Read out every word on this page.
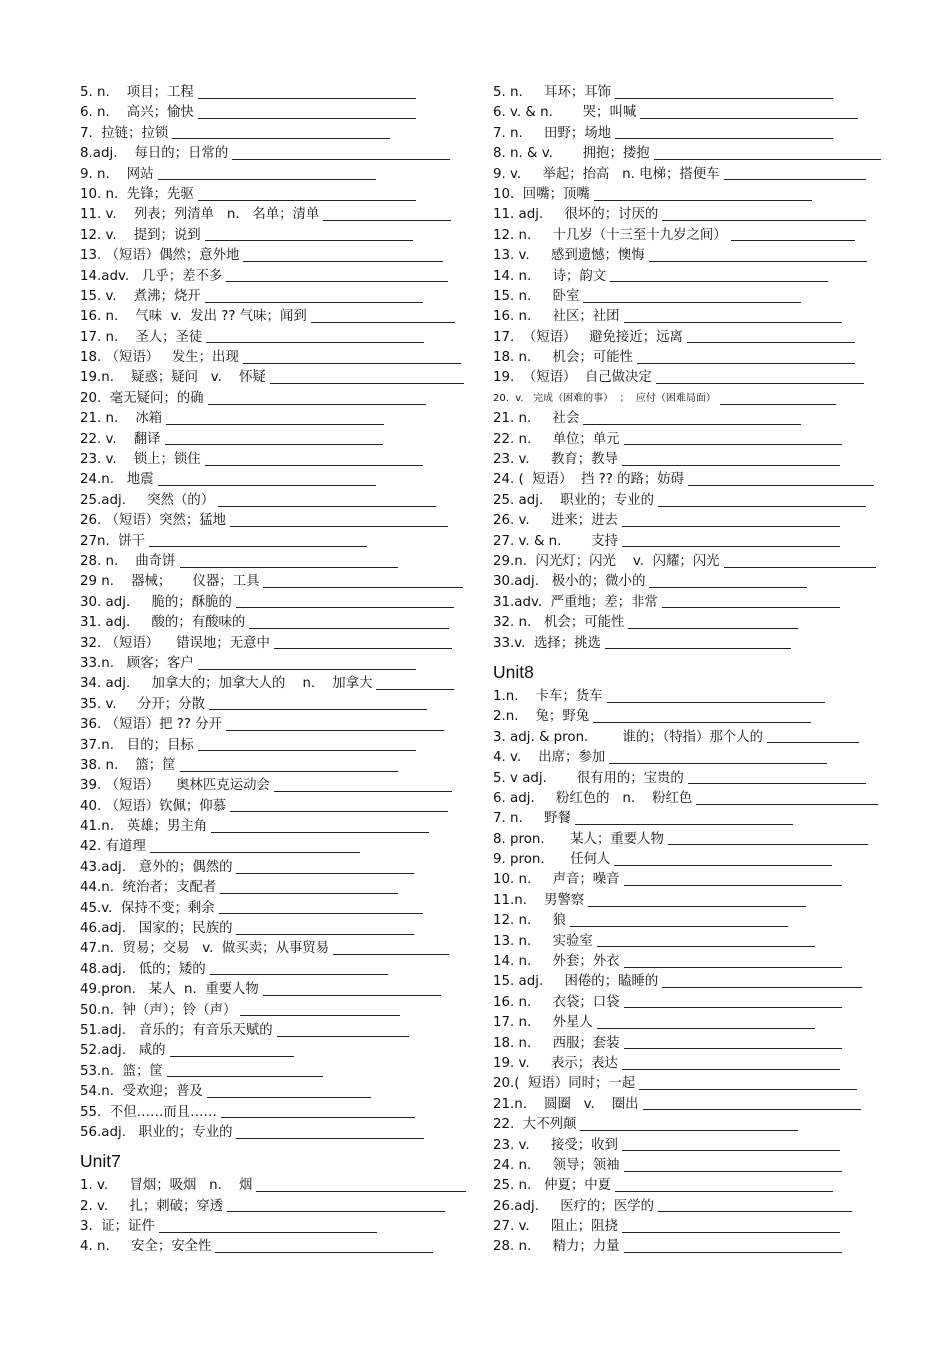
5. n.    项目；工程
6. n.    高兴；愉快
7.  拉链；拉锁
8.adj.    每日的；日常的
9. n.    网站
10. n.  先锋；先驱
11. v.    列表；列清单   n.   名单；清单
12. v.    提到；说到
13. （短语）偶然；意外地
14.adv.   几乎；差不多
15. v.    煮沸；烧开
16. n.    气味  v.  发出 ?? 气味；闻到
17. n.    圣人；圣徒
18. （短语）   发生；出现
19.n.    疑惑；疑问   v.    怀疑
20.  毫无疑问；的确
21. n.    冰箱
22. v.    翻译
23. v.    锁上；锁住
24.n.   地震
25.adj.     突然（的）
26. （短语）突然；猛地
27n.  饼干
28. n.    曲奇饼
29 n.    器械；     仪器；工具
30. adj.     脆的；酥脆的
31. adj.     酸的；有酸味的
32. （短语）    错误地；无意中
33.n.   顾客；客户
34. adj.     加拿大的；加拿大人的    n.    加拿大
35. v.     分开；分散
36. （短语）把 ?? 分开
37.n.   目的；目标
38. n.    篮；筐
39. （短语）    奥林匹克运动会
40. （短语）钦佩；仰慕
41.n.   英雄；男主角
42. 有道理
43.adj.   意外的；偶然的
44.n.  统治者；支配者
45.v.  保持不变；剩余
46.adj.   国家的；民族的
47.n.  贸易；交易   v.  做买卖；从事贸易
48.adj.   低的；矮的
49.pron.   某人  n.  重要人物
50.n.  钟（声）；铃（声）
51.adj.   音乐的；有音乐天赋的
52.adj.   咸的
53.n.  篮；筐
54.n.  受欢迎；普及
55.  不但……而且……
56.adj.   职业的；专业的
Unit7
1. v.     冒烟；吸烟   n.    烟
2. v.     扎；刺破；穿透
3.  证；证件
4. n.     安全；安全性
5. n.     耳环；耳饰
6. v. & n.       哭；叫喊
7. n.     田野；场地
8. n. & v.       拥抱；搂抱
9. v.     举起；抬高   n. 电梯；搭便车
10.  回嘴；顶嘴
11. adj.     很坏的；讨厌的
12. n.     十几岁（十三至十九岁之间）
13. v.     感到遗憾；懊悔
14. n.     诗；韵文
15. n.     卧室
16. n.     社区；社团
17.  （短语）   避免接近；远离
18. n.     机会；可能性
19.  （短语）  自己做决定
20.  v.   完成（困难的事）  ；  应付（困难局面）
21. n.     社会
22. n.     单位；单元
23. v.     教育；教导
24. (  短语）  挡 ?? 的路；妨碍
25. adj.    职业的；专业的
26. v.     进来；进去
27. v. & n.       支持
29.n.  闪光灯；闪光    v.  闪耀；闪光
30.adj.   极小的；微小的
31.adv.  严重地；差；非常
32. n.   机会；可能性
33.v.  选择；挑选
Unit8
1.n.    卡车；货车
2.n.    兔；野兔
3. adj. & pron.        谁的；（特指）那个人的
4. v.    出席；参加
5. v adj.       很有用的；宝贵的
6. adj.     粉红色的   n.    粉红色
7. n.     野餐
8. pron.      某人；重要人物
9. pron.      任何人
10. n.     声音；噪音
11.n.    男警察
12. n.     狼
13. n.     实验室
14. n.     外套；外衣
15. adj.     困倦的；瞌睡的
16. n.     衣袋；口袋
17. n.     外星人
18. n.     西服；套装
19. v.     表示；表达
20.(  短语）同时；一起
21.n.    圆圈   v.    圈出
22.  大不列颠
23. v.     接受；收到
24. n.     领导；领袖
25. n.   仲夏；中夏
26.adj.     医疗的；医学的
27. v.     阻止；阻挠
28. n.     精力；力量
